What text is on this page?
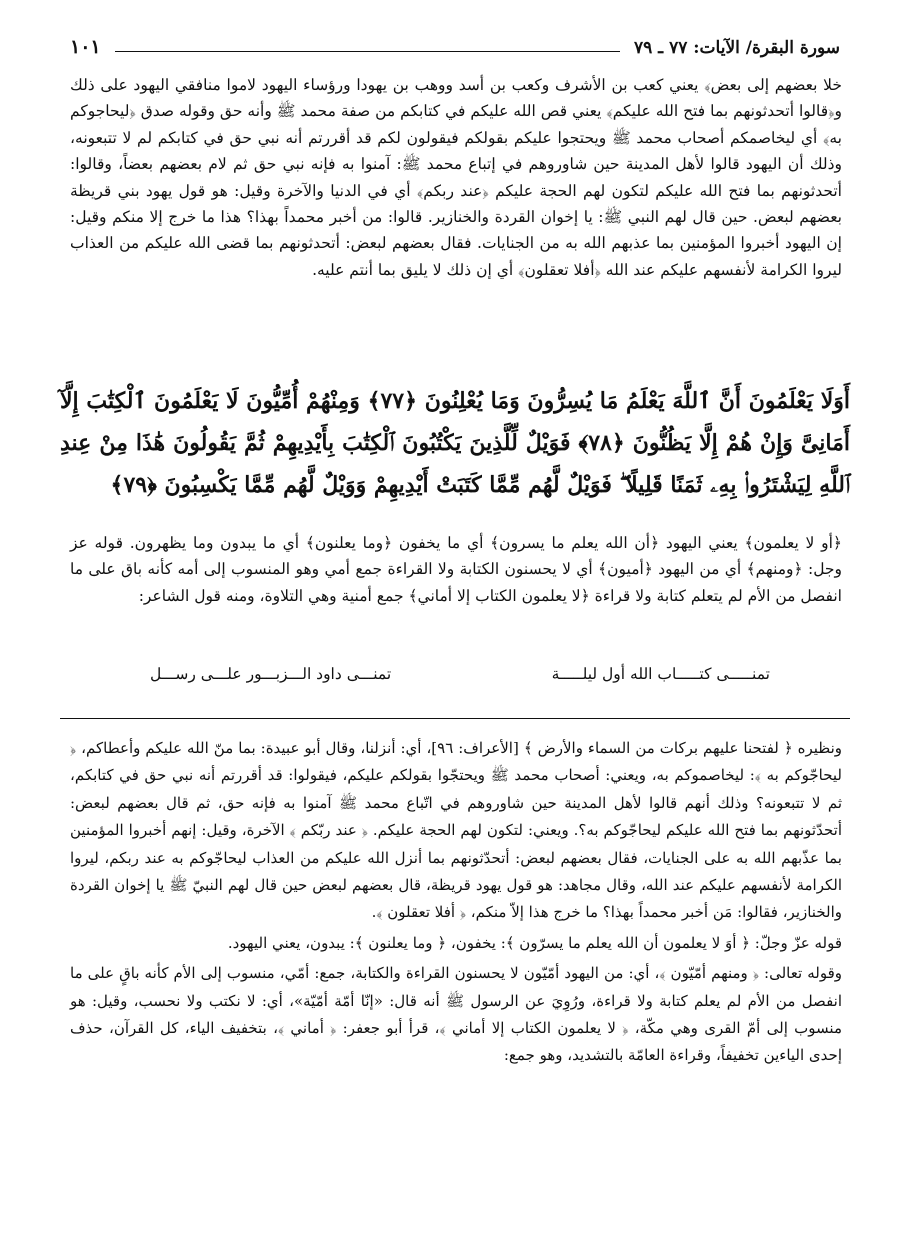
سورة البقرة/ الآيات: ٧٧ ـ ٧٩
١٠١

خلا بعضهم إلى بعض﴾ يعني كعب بن الأشرف وكعب بن أسد ووهب بن يهودا ورؤساء اليهود لاموا منافقي اليهود على ذلك و﴿قالوا أتحدثونهم بما فتح الله عليكم﴾ يعني قص الله عليكم في كتابكم من صفة محمد ﷺ وأنه حق وقوله صدق ﴿ليحاجوكم به﴾ أي ليخاصمكم أصحاب محمد ﷺ ويحتجوا عليكم بقولكم فيقولون لكم قد أقررتم أنه نبي حق في كتابكم لم لا تتبعونه، وذلك أن اليهود قالوا لأهل المدينة حين شاوروهم في إتباع محمد ﷺ: آمنوا به فإنه نبي حق ثم لام بعضهم بعضاً، وقالوا: أتحدثونهم بما فتح الله عليكم لتكون لهم الحجة عليكم ﴿عند ربكم﴾ أي في الدنيا والآخرة وقيل: هو قول يهود بني قريظة بعضهم لبعض. حين قال لهم النبي ﷺ: يا إخوان القردة والخنازير. قالوا: من أخبر محمداً بهذا؟ هذا ما خرج إلا منكم وقيل: إن اليهود أخبروا المؤمنين بما عذبهم الله به من الجنايات. فقال بعضهم لبعض: أتحدثونهم بما قضى الله عليكم من العذاب ليروا الكرامة لأنفسهم عليكم عند الله ﴿أفلا تعقلون﴾ أي إن ذلك لا يليق بما أنتم عليه.

أَوَلَا يَعْلَمُونَ أَنَّ ٱللَّهَ يَعْلَمُ مَا يُسِرُّونَ وَمَا يُعْلِنُونَ ﴿٧٧﴾ وَمِنْهُمْ أُمِّيُّونَ لَا يَعْلَمُونَ ٱلْكِتَٰبَ إِلَّآ أَمَانِىَّ وَإِنْ هُمْ إِلَّا يَظُنُّونَ ﴿٧٨﴾ فَوَيْلٌ لِّلَّذِينَ يَكْتُبُونَ ٱلْكِتَٰبَ بِأَيْدِيهِمْ ثُمَّ يَقُولُونَ هَٰذَا مِنْ عِندِ ٱللَّهِ لِيَشْتَرُوا۟ بِهِۦ ثَمَنًا قَلِيلًا ۖ فَوَيْلٌ لَّهُم مِّمَّا كَتَبَتْ أَيْدِيهِمْ وَوَيْلٌ لَّهُم مِّمَّا يَكْسِبُونَ ﴿٧٩﴾

﴿أو لا يعلمون﴾ يعني اليهود ﴿أن الله يعلم ما يسرون﴾ أي ما يخفون ﴿وما يعلنون﴾ أي ما يبدون وما يظهرون. قوله عز وجل: ﴿ومنهم﴾ أي من اليهود ﴿أميون﴾ أي لا يحسنون الكتابة ولا القراءة جمع أمي وهو المنسوب إلى أمه كأنه باق على ما انفصل من الأم لم يتعلم كتابة ولا قراءة ﴿لا يعلمون الكتاب إلا أماني﴾ جمع أمنية وهي التلاوة، ومنه قول الشاعر:

تمنـــــى كتـــــاب الله أول ليلـــــة
تمنـــى داود الـــزبـــور علـــى رســـل

ونظيره ﴿ لفتحنا عليهم بركات من السماء والأرض ﴾ [الأعراف: ٩٦]، أي: أنزلنا، وقال أبو عبيدة: بما منّ الله عليكم وأعطاكم، ﴿ ليحاجّوكم به ﴾: ليخاصموكم به، ويعني: أصحاب محمد ﷺ ويحتجّوا بقولكم عليكم، فيقولوا: قد أقررتم أنه نبي حق في كتابكم، ثم لا تتبعونه؟ وذلك أنهم قالوا لأهل المدينة حين شاوروهم في اتّباع محمد ﷺ آمنوا به فإنه حق، ثم قال بعضهم لبعض: أتحدّثونهم بما فتح الله عليكم ليحاجّوكم به؟. ويعني: لتكون لهم الحجة عليكم. ﴿ عند ربّكم ﴾ الآخرة، وقيل: إنهم أخبروا المؤمنين بما عذّبهم الله به على الجنايات، فقال بعضهم لبعض: أتحدّثونهم بما أنزل الله عليكم من العذاب ليحاجّوكم به عند ربكم، ليروا الكرامة لأنفسهم عليكم عند الله، وقال مجاهد: هو قول يهود قريظة، قال بعضهم لبعض حين قال لهم النبيّ ﷺ يا إخوان القردة والخنازير، فقالوا: مَن أخبر محمداً بهذا؟ ما خرج هذا إلاّ منكم، ﴿ أفلا تعقلون ﴾.

قوله عزّ وجلّ: ﴿ أوَ لا يعلمون أن الله يعلم ما يسرّون ﴾: يخفون، ﴿ وما يعلنون ﴾: يبدون، يعني اليهود.

وقوله تعالى: ﴿ ومنهم أمّيّون ﴾، أي: من اليهود أمّيّون لا يحسنون القراءة والكتابة، جمع: أمّي، منسوب إلى الأم كأنه باقٍ على ما انفصل من الأم لم يعلم كتابة ولا قراءة، ورُوِيَ عن الرسول ﷺ أنه قال: «إنّا أمّة أمّيّة»، أي: لا نكتب ولا نحسب، وقيل: هو منسوب إلى أمّ القرى وهي مكّة، ﴿ لا يعلمون الكتاب إلا أماني ﴾، قرأ أبو جعفر: ﴿ أماني ﴾، بتخفيف الياء، كل القرآن، حذف إحدى الياءين تخفيفاً، وقراءة العامّة بالتشديد، وهو جمع:
